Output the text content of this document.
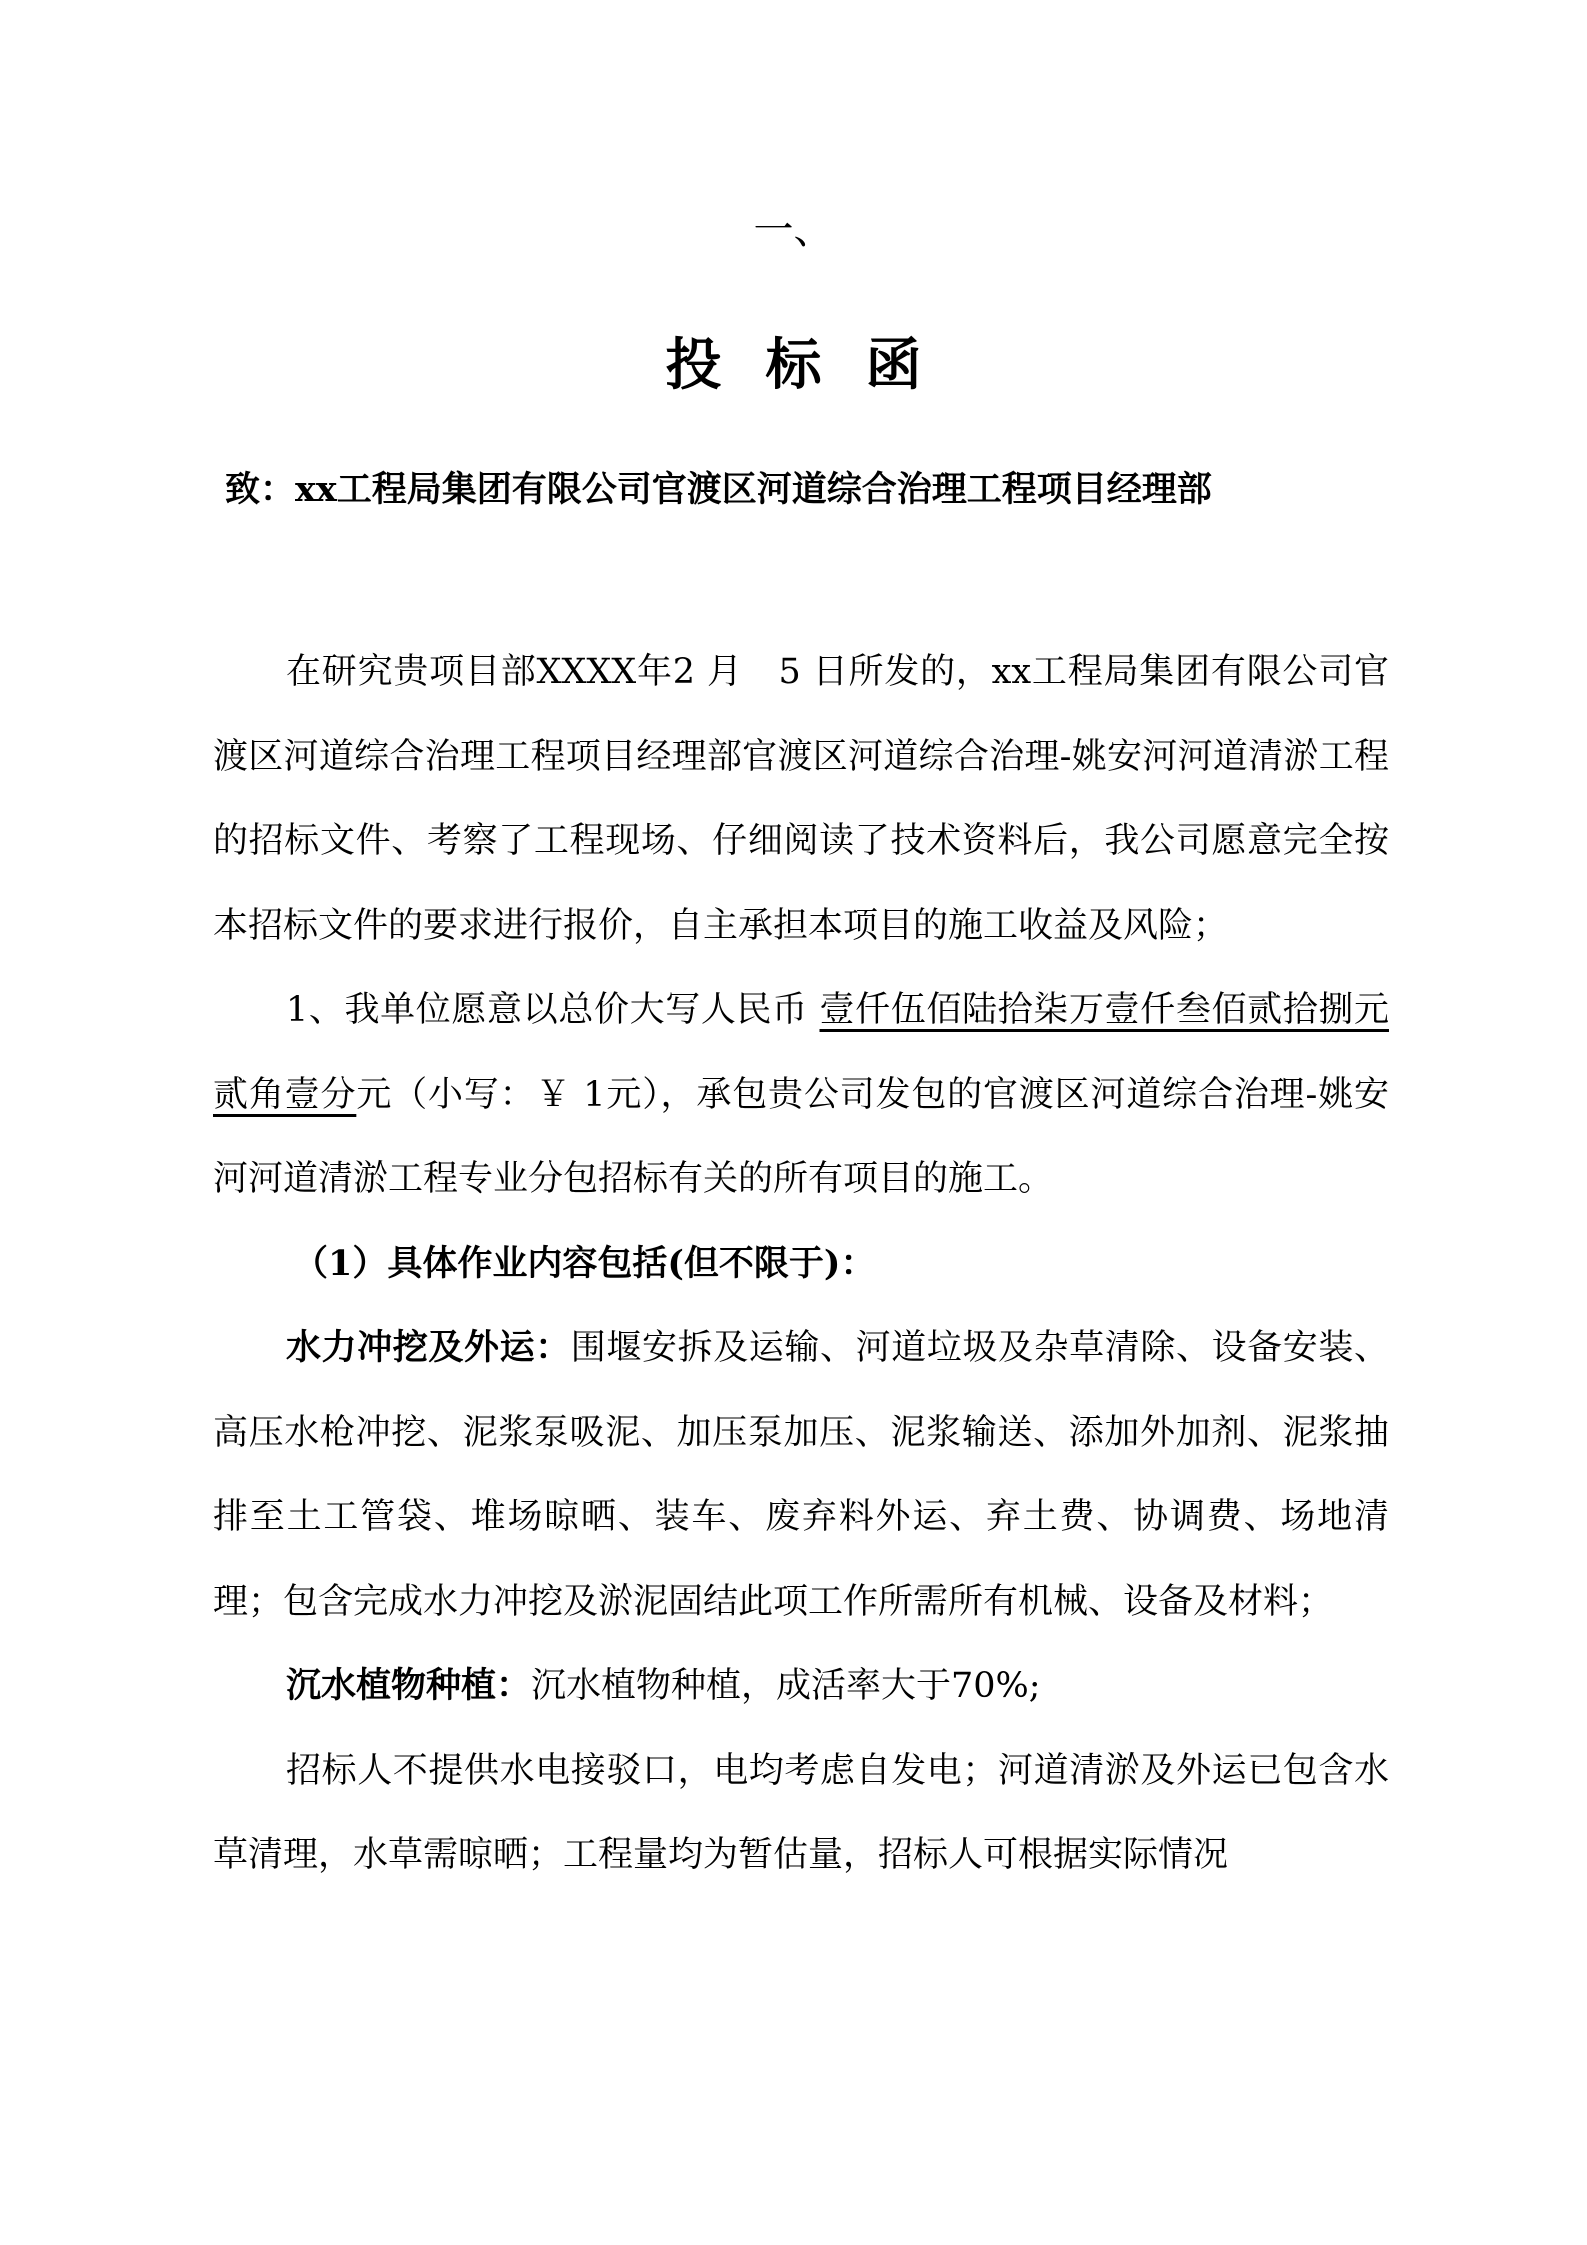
一、
投标函
致：xx工程局集团有限公司官渡区河道综合治理工程项目经理部

在研究贵项目部XXXX年2 月　5 日所发的，xx工程局集团有限公司官渡区河道综合治理工程项目经理部官渡区河道综合治理-姚安河河道清淤工程的招标文件、考察了工程现场、仔细阅读了技术资料后，我公司愿意完全按本招标文件的要求进行报价，自主承担本项目的施工收益及风险；

1、我单位愿意以总价大写人民币 壹仟伍佰陆拾柒万壹仟叁佰贰拾捌元贰角壹分元（小写：￥ 1元），承包贵公司发包的官渡区河道综合治理-姚安河河道清淤工程专业分包招标有关的所有项目的施工。

（1）具体作业内容包括(但不限于)：

水力冲挖及外运：围堰安拆及运输、河道垃圾及杂草清除、设备安装、高压水枪冲挖、泥浆泵吸泥、加压泵加压、泥浆输送、添加外加剂、泥浆抽排至土工管袋、堆场晾晒、装车、废弃料外运、弃土费、协调费、场地清理；包含完成水力冲挖及淤泥固结此项工作所需所有机械、设备及材料；

沉水植物种植：沉水植物种植，成活率大于70%;

招标人不提供水电接驳口，电均考虑自发电；河道清淤及外运已包含水草清理，水草需晾晒；工程量均为暂估量，招标人可根据实际情况
